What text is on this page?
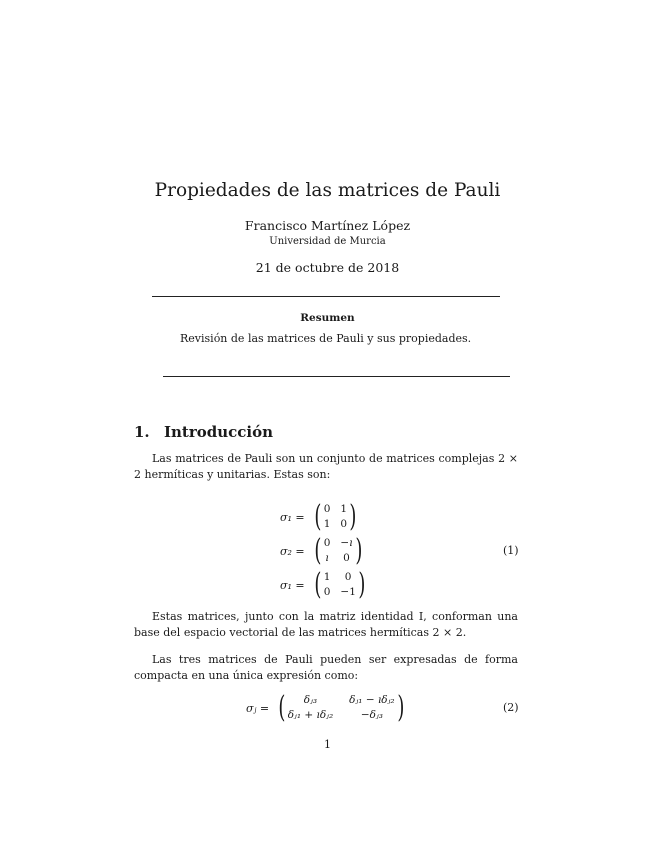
Propiedades de las matrices de Pauli
Francisco Martínez López
Universidad de Murcia
21 de octubre de 2018
Resumen
Revisión de las matrices de Pauli y sus propiedades.
1. Introducción
Las matrices de Pauli son un conjunto de matrices complejas 2 × 2 hermíticas y unitarias. Estas son:
σ₁ = ( 0 1
1 0 )
σ₂ = ( 0 −ı
ı 0 )
σ₁ = ( 1	0
0 −1 )
(1)
Estas matrices, junto con la matriz identidad I, conforman una base del espacio vectorial de las matrices hermíticas 2 × 2.
Las tres matrices de Pauli pueden ser expresadas de forma compacta en una única expresión como:
σⱼ = (	δⱼ₃	δⱼ₁ − ıδⱼ₂
δⱼ₁ + ıδⱼ₂	−δⱼ₃ )	(2)
1
